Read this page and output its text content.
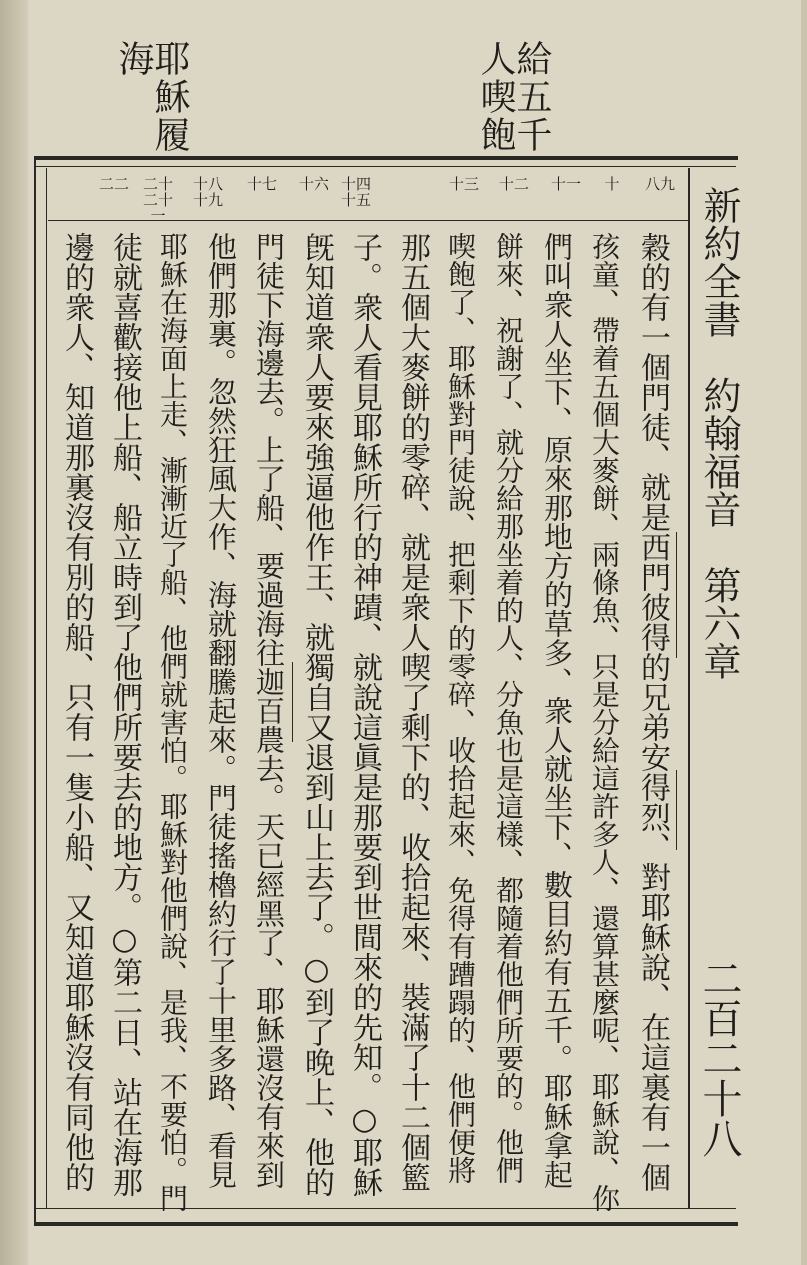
耶穌履
海	給五千
人喫飽
新約全書　約翰福音　第六章
二百二十八
八九
十
十一
十二
十三
十四十五
十六
十七
十八十九
二十二十一
二二
穀的有一個門徒、就是西門彼得的兄弟安得烈、對耶穌說、在這裏有一個
孩童、帶着五個大麥餅、兩條魚、只是分給這許多人、還算甚麼呢、耶穌說、你
們叫衆人坐下、原來那地方的草多、衆人就坐下、數目約有五千。耶穌拿起
餅來、祝謝了、就分給那坐着的人、分魚也是這樣、都隨着他們所要的。他們
喫飽了、耶穌對門徒說、把剩下的零碎、收拾起來、免得有蹧蹋的、他們便將
那五個大麥餅的零碎、就是衆人喫了剩下的、收拾起來、裝滿了十二個籃
子。衆人看見耶穌所行的神蹟、就說這眞是那要到世間來的先知。○耶穌
旣知道衆人要來強逼他作王、就獨自又退到山上去了。○到了晚上、他的
門徒下海邊去。上了船、要過海往迦百農去。天已經黑了、耶穌還沒有來到
他們那裏。忽然狂風大作、海就翻騰起來。門徒搖櫓約行了十里多路、看見
耶穌在海面上走、漸漸近了船、他們就害怕。耶穌對他們說、是我、不要怕。門
徒就喜歡接他上船、船立時到了他們所要去的地方。○第二日、站在海那
邊的衆人、知道那裏沒有別的船、只有一隻小船、又知道耶穌沒有同他的
